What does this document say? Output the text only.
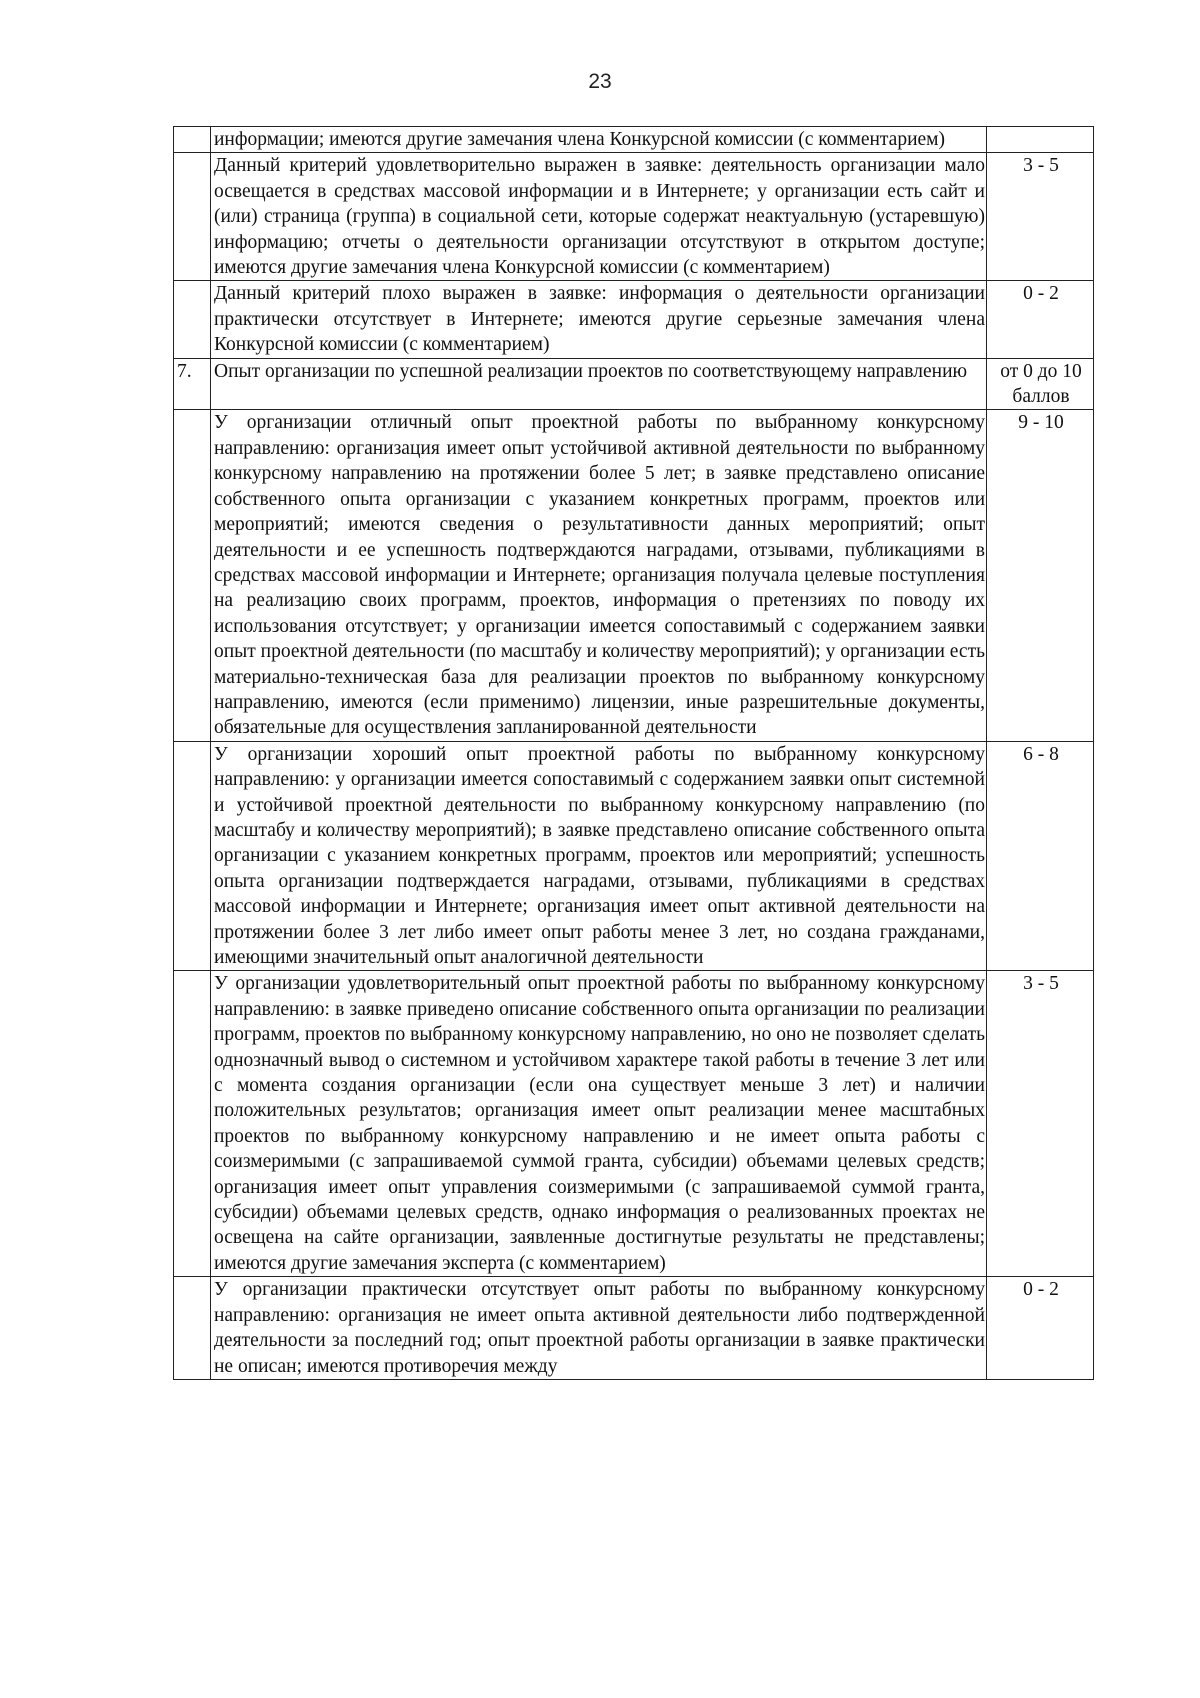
23
	информации; имеются другие замечания члена Конкурсной комиссии (с комментарием)	
	Данный критерий удовлетворительно выражен в заявке: деятельность организации мало освещается в средствах массовой информации и в Интернете; у организации есть сайт и (или) страница (группа) в социальной сети, которые содержат неактуальную (устаревшую) информацию; отчеты о деятельности организации отсутствуют в открытом доступе; имеются другие замечания члена Конкурсной комиссии (с комментарием)	3 - 5
	Данный критерий плохо выражен в заявке: информация о деятельности организации практически отсутствует в Интернете; имеются другие серьезные замечания члена Конкурсной комиссии (с комментарием)	0 - 2
7.	Опыт организации по успешной реализации проектов по соответствующему направлению	от 0 до 10 баллов
	У организации отличный опыт проектной работы по выбранному конкурсному направлению: организация имеет опыт устойчивой активной деятельности по выбранному конкурсному направлению на протяжении более 5 лет; в заявке представлено описание собственного опыта организации с указанием конкретных программ, проектов или мероприятий; имеются сведения о результативности данных мероприятий; опыт деятельности и ее успешность подтверждаются наградами, отзывами, публикациями в средствах массовой информации и Интернете; организация получала целевые поступления на реализацию своих программ, проектов, информация о претензиях по поводу их использования отсутствует; у организации имеется сопоставимый с содержанием заявки опыт проектной деятельности (по масштабу и количеству мероприятий); у организации есть материально-техническая база для реализации проектов по выбранному конкурсному направлению, имеются (если применимо) лицензии, иные разрешительные документы, обязательные для осуществления запланированной деятельности	9 - 10
	У организации хороший опыт проектной работы по выбранному конкурсному направлению: у организации имеется сопоставимый с содержанием заявки опыт системной и устойчивой проектной деятельности по выбранному конкурсному направлению (по масштабу и количеству мероприятий); в заявке представлено описание собственного опыта организации с указанием конкретных программ, проектов или мероприятий; успешность опыта организации подтверждается наградами, отзывами, публикациями в средствах массовой информации и Интернете; организация имеет опыт активной деятельности на протяжении более 3 лет либо имеет опыт работы менее 3 лет, но создана гражданами, имеющими значительный опыт аналогичной деятельности	6 - 8
	У организации удовлетворительный опыт проектной работы по выбранному конкурсному направлению: в заявке приведено описание собственного опыта организации по реализации программ, проектов по выбранному конкурсному направлению, но оно не позволяет сделать однозначный вывод о системном и устойчивом характере такой работы в течение 3 лет или с момента создания организации (если она существует меньше 3 лет) и наличии положительных результатов; организация имеет опыт реализации менее масштабных проектов по выбранному конкурсному направлению и не имеет опыта работы с соизмеримыми (с запрашиваемой суммой гранта, субсидии) объемами целевых средств; организация имеет опыт управления соизмеримыми (с запрашиваемой суммой гранта, субсидии) объемами целевых средств, однако информация о реализованных проектах не освещена на сайте организации, заявленные достигнутые результаты не представлены; имеются другие замечания эксперта (с комментарием)	3 - 5
	У организации практически отсутствует опыт работы по выбранному конкурсному направлению: организация не имеет опыта активной деятельности либо подтвержденной деятельности за последний год; опыт проектной работы организации в заявке практически не описан; имеются противоречия между	0 - 2
